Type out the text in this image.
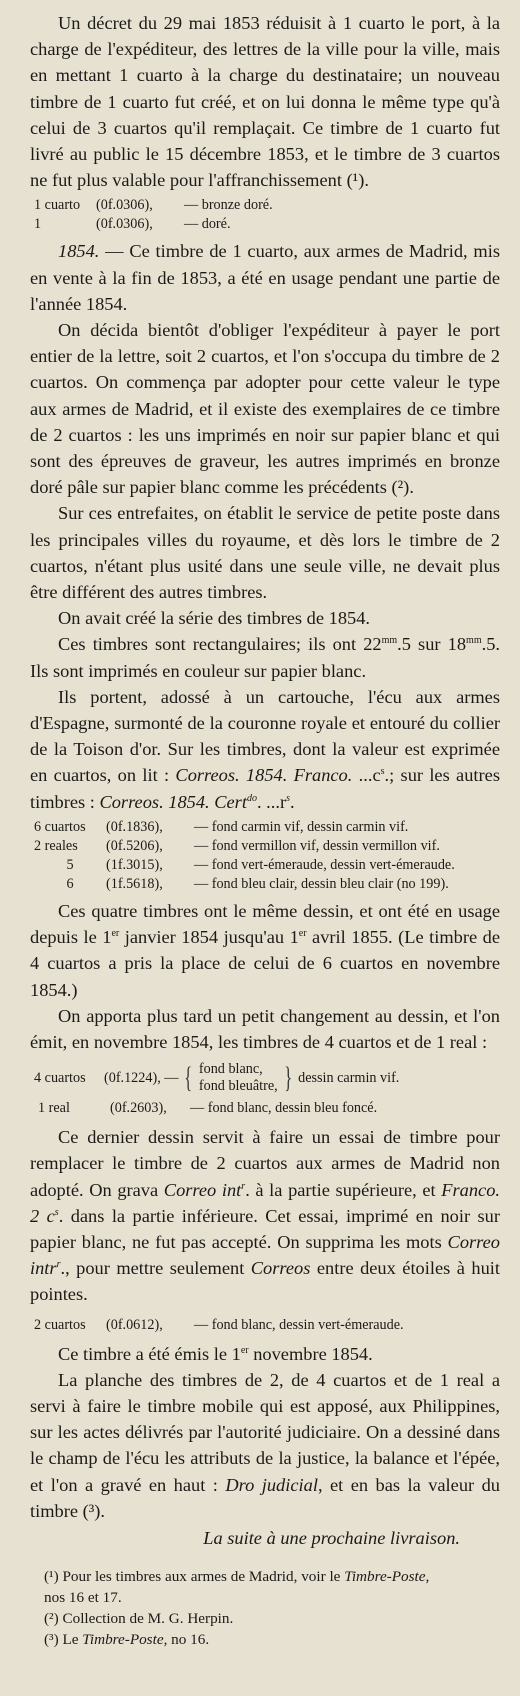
Un décret du 29 mai 1853 réduisit à 1 cuarto le port, à la charge de l'expéditeur, des lettres de la ville pour la ville, mais en mettant 1 cuarto à la charge du destinataire; un nouveau timbre de 1 cuarto fut créé, et on lui donna le même type qu'à celui de 3 cuartos qu'il remplaçait. Ce timbre de 1 cuarto fut livré au public le 15 décembre 1853, et le timbre de 3 cuartos ne fut plus valable pour l'affranchissement (¹).

1 cuarto	(0f.0306),	— bronze doré.
1	(0f.0306),	— doré.

1854. — Ce timbre de 1 cuarto, aux armes de Madrid, mis en vente à la fin de 1853, a été en usage pendant une partie de l'année 1854.

On décida bientôt d'obliger l'expéditeur à payer le port entier de la lettre, soit 2 cuartos, et l'on s'occupa du timbre de 2 cuartos. On commença par adopter pour cette valeur le type aux armes de Madrid, et il existe des exemplaires de ce timbre de 2 cuartos : les uns imprimés en noir sur papier blanc et qui sont des épreuves de graveur, les autres imprimés en bronze doré pâle sur papier blanc comme les précédents (²).

Sur ces entrefaites, on établit le service de petite poste dans les principales villes du royaume, et dès lors le timbre de 2 cuartos, n'étant plus usité dans une seule ville, ne devait plus être différent des autres timbres.

On avait créé la série des timbres de 1854.

Ces timbres sont rectangulaires; ils ont $22^{mm}.5$ sur $18^{mm}.5$. Ils sont imprimés en couleur sur papier blanc.

Ils portent, adossé à un cartouche, l'écu aux armes d'Espagne, surmonté de la couronne royale et entouré du collier de la Toison d'or. Sur les timbres, dont la valeur est exprimée en cuartos, on lit : Correos. 1854. Franco. $...c^s$.; sur les autres timbres : Correos. 1854. Cert$^{do}$. $...r^s$.

6 cuartos	(0f.1836),	— fond carmin vif, dessin carmin vif.
2 reales	(0f.5206),	— fond vermillon vif, dessin vermillon vif.
5	(1f.3015),	— fond vert-émeraude, dessin vert-émeraude.
6	(1f.5618),	— fond bleu clair, dessin bleu clair (no 199).

Ces quatre timbres ont le même dessin, et ont été en usage depuis le 1er janvier 1854 jusqu'au 1er avril 1855. (Le timbre de 4 cuartos a pris la place de celui de 6 cuartos en novembre 1854.)

On apporta plus tard un petit changement au dessin, et l'on émit, en novembre 1854, les timbres de 4 cuartos et de 1 real :

4 cuartos	(0f.1224), — { fond blanc,
fond bleuâtre, } dessin carmin vif.
1 real	(0f.2603),	— fond blanc, dessin bleu foncé.

Ce dernier dessin servit à faire un essai de timbre pour remplacer le timbre de 2 cuartos aux armes de Madrid non adopté. On grava Correo int$^r$. à la partie supérieure, et Franco. 2 $c^s$. dans la partie inférieure. Cet essai, imprimé en noir sur papier blanc, ne fut pas accepté. On supprima les mots Correo intr$^r$., pour mettre seulement Correos entre deux étoiles à huit pointes.

2 cuartos	(0f.0612),	— fond blanc, dessin vert-émeraude.

Ce timbre a été émis le 1er novembre 1854.

La planche des timbres de 2, de 4 cuartos et de 1 real a servi à faire le timbre mobile qui est apposé, aux Philippines, sur les actes délivrés par l'autorité judiciaire. On a dessiné dans le champ de l'écu les attributs de la justice, la balance et l'épée, et l'on a gravé en haut : Dro judicial, et en bas la valeur du timbre (³).

La suite à une prochaine livraison.

(¹) Pour les timbres aux armes de Madrid, voir le Timbre-Poste,

nos 16 et 17.

(²) Collection de M. G. Herpin.

(³) Le Timbre-Poste, no 16.
